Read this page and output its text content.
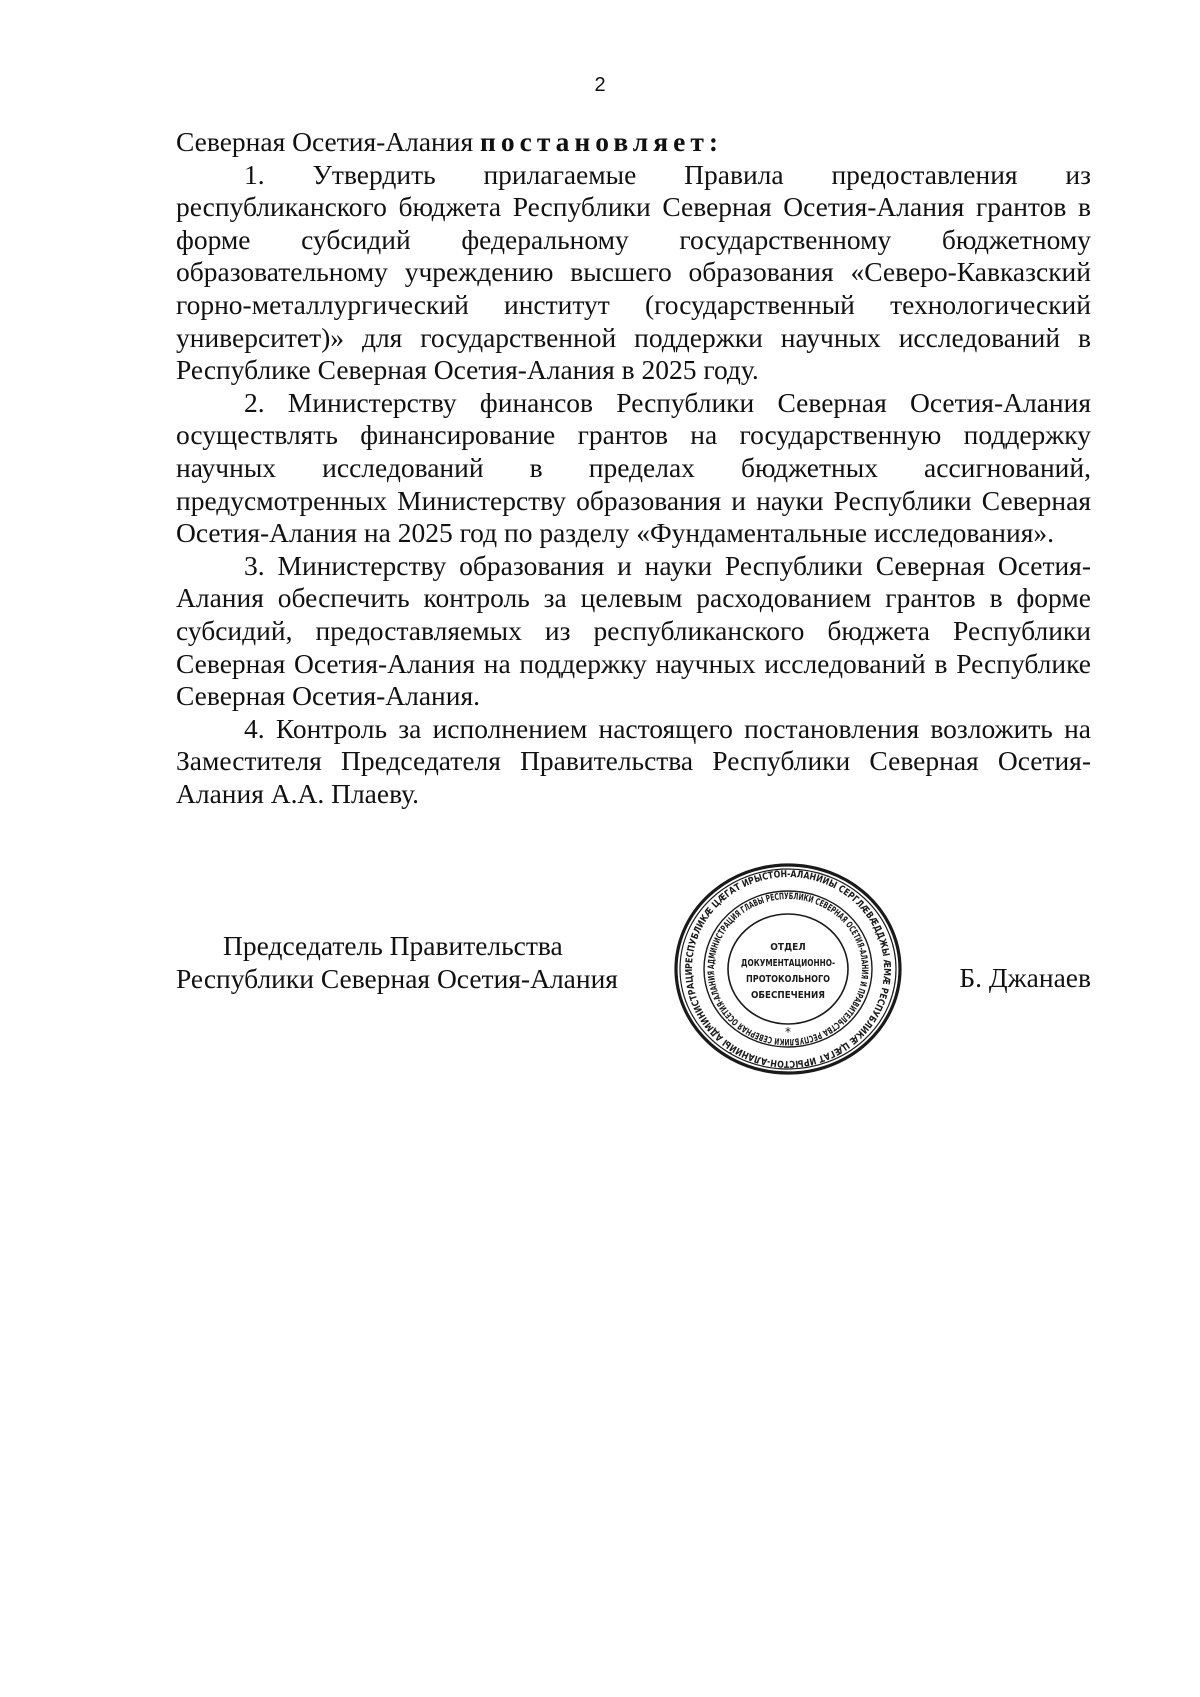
2

Северная Осетия-Алания постановляет:

1. Утвердить прилагаемые Правила предоставления из республиканского бюджета Республики Северная Осетия-Алания грантов в форме субсидий федеральному государственному бюджетному образовательному учреждению высшего образования «Северо-Кавказский горно-металлургический институт (государственный технологический университет)» для государственной поддержки научных исследований в Республике Северная Осетия-Алания в 2025 году.

2. Министерству финансов Республики Северная Осетия-Алания осуществлять финансирование грантов на государственную поддержку научных исследований в пределах бюджетных ассигнований, предусмотренных Министерству образования и науки Республики Северная Осетия-Алания на 2025 год по разделу «Фундаментальные исследования».

3. Министерству образования и науки Республики Северная Осетия-Алания обеспечить контроль за целевым расходованием грантов в форме субсидий, предоставляемых из республиканского бюджета Республики Северная Осетия-Алания на поддержку научных исследований в Республике Северная Осетия-Алания.

4. Контроль за исполнением настоящего постановления возложить на Заместителя Председателя Правительства Республики Северная Осетия-Алания А.А. Плаеву.

Председатель Правительства
Республики Северная Осетия-Алания	Б. Джанаев
РЕСПУБЛИКÆ ЦÆГАТ ИРЫСТОН-АЛАНИЙЫ СЕРГЛÆВÆДДЖЫ ÆМÆ РЕСПУБЛИКÆ ЦÆГАТ ИРЫСТОН-АЛАНИЙЫ АДМИНИСТРАЦИ
АДМИНИСТРАЦИЯ ГЛАВЫ РЕСПУБЛИКИ СЕВЕРНАЯ ОСЕТИЯ-АЛАНИЯ И ПРАВИТЕЛЬСТВА РЕСПУБЛИКИ СЕВЕРНАЯ ОСЕТИЯ-АЛАНИЯ
ОТДЕЛ
ДОКУМЕНТАЦИОННО-
ПРОТОКОЛЬНОГО
ОБЕСПЕЧЕНИЯ
*
